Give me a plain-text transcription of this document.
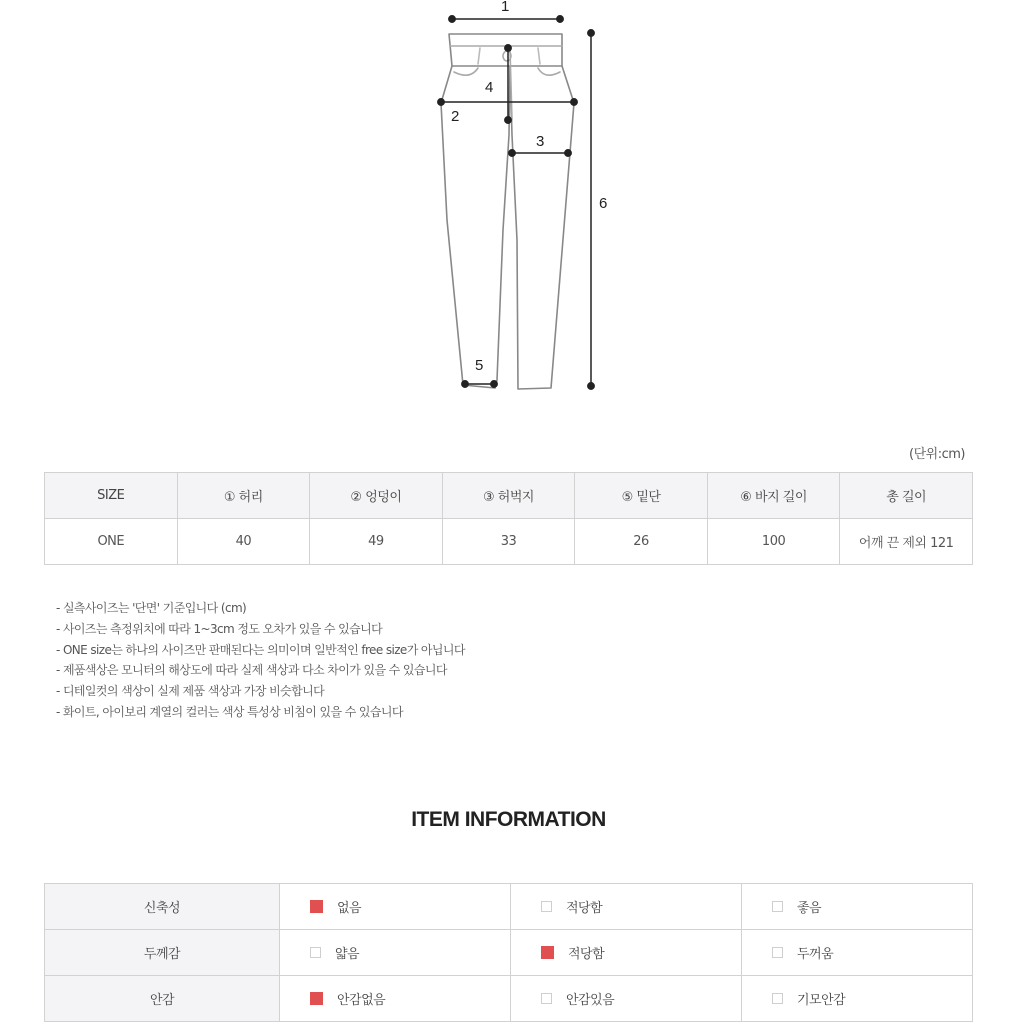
1
2
3
4
5
6
(단위:cm)
SIZE	① 허리	② 엉덩이	③ 허벅지	⑤ 밑단	⑥ 바지 길이	총 길이
ONE	40	49	33	26	100	어깨 끈 제외 121
- 실측사이즈는 '단면' 기준입니다 (cm)
- 사이즈는 측정위치에 따라 1~3cm 정도 오차가 있을 수 있습니다
- ONE size는 하나의 사이즈만 판매된다는 의미이며 일반적인 free size가 아닙니다
- 제품색상은 모니터의 해상도에 따라 실제 색상과 다소 차이가 있을 수 있습니다
- 디테일컷의 색상이 실제 제품 색상과 가장 비슷합니다
- 화이트, 아이보리 계열의 컬러는 색상 특성상 비침이 있을 수 있습니다
ITEM INFORMATION
신축성	없음	적당함	좋음

두께감	얇음	적당함	두꺼움

안감	안감없음	안감있음	기모안감
